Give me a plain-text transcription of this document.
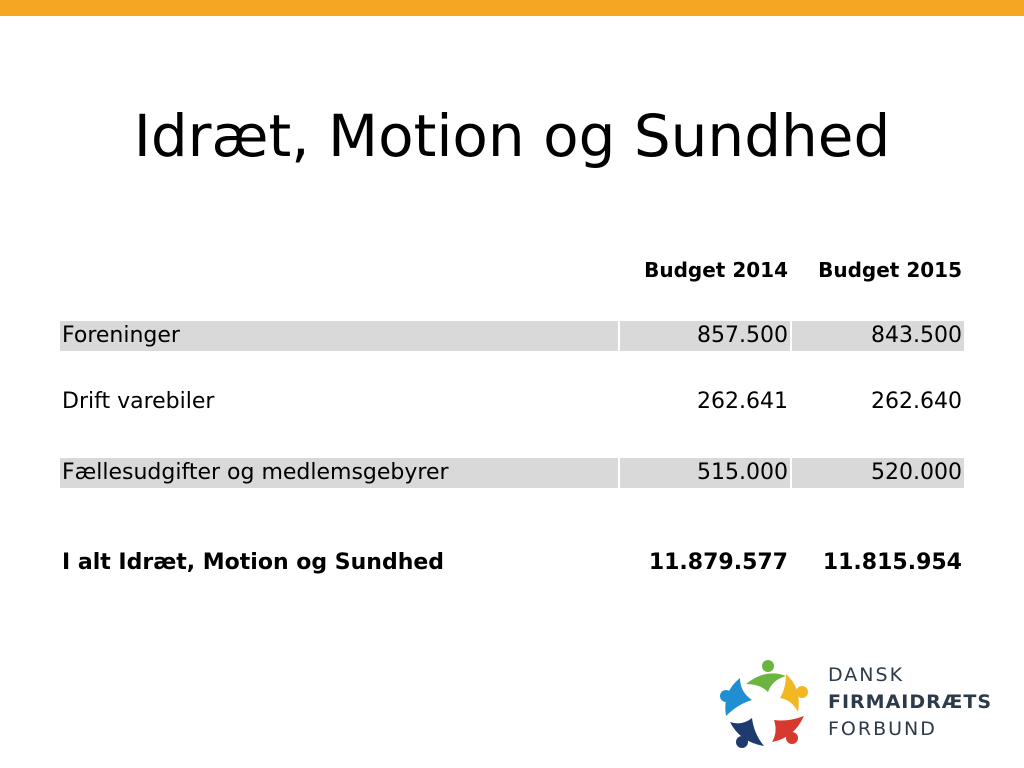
Idræt, Motion og Sundhed
Budget 2014	Budget 2015
Foreninger	857.500	843.500
Drift varebiler	262.641	262.640
Fællesudgifter og medlemsgebyrer	515.000	520.000
I alt Idræt, Motion og Sundhed	11.879.577	11.815.954
DANSK
FIRMAIDRÆTS
FORBUND
